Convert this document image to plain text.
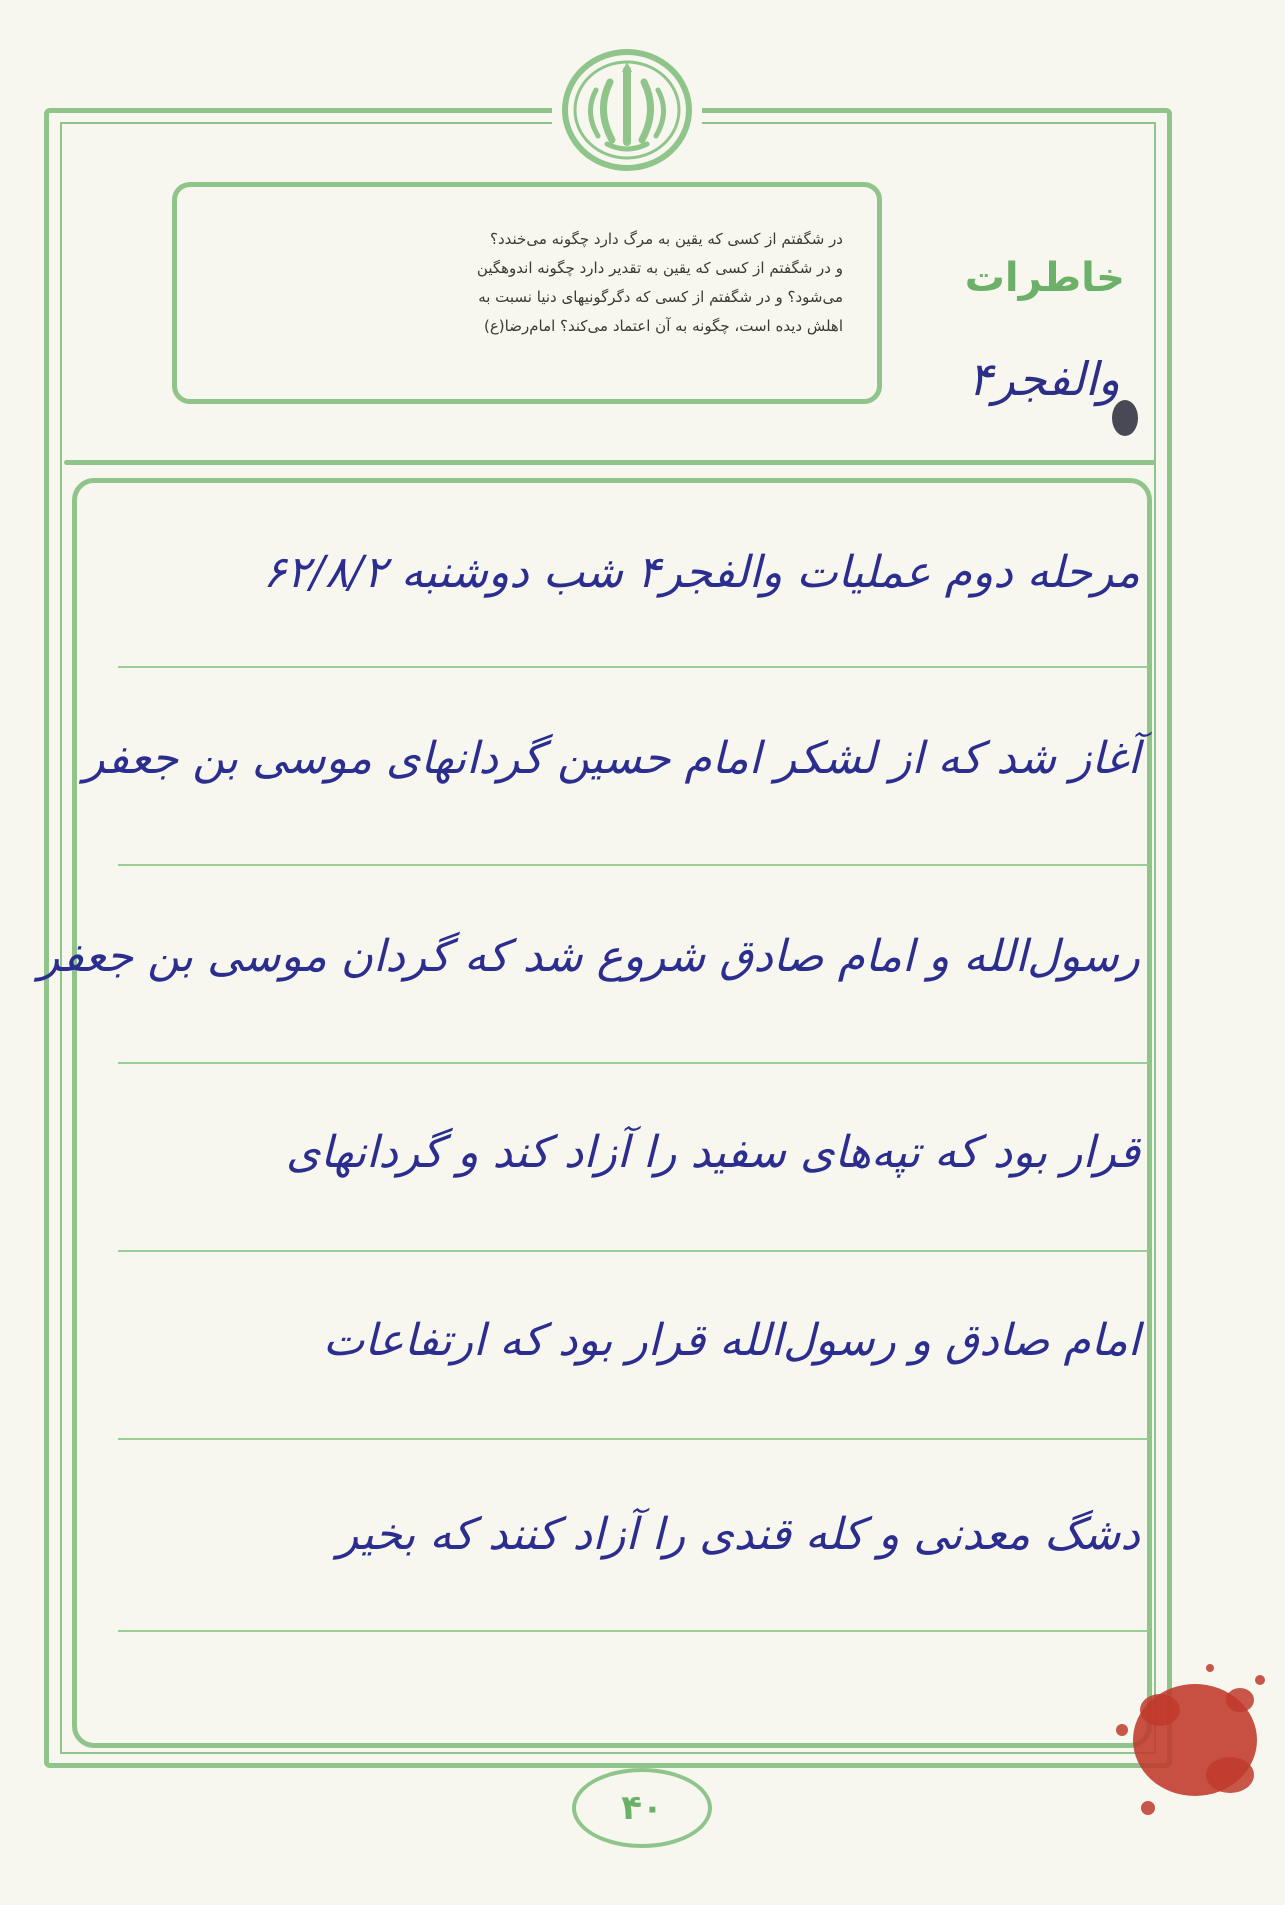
در شگفتم از کسی که یقین به مرگ دارد چگونه می‌خندد؟
و در شگفتم از کسی که یقین به تقدیر دارد چگونه اندوهگین
می‌شود؟ و در شگفتم از کسی که دگرگونیهای دنیا نسبت به
اهلش دیده است، چگونه به آن اعتماد می‌کند؟ امام‌رضا(ع)
خاطرات
والفجر۴
مرحله دوم عملیات والفجر۴ شب دوشنبه ۶۲/۸/۲
آغاز شد که از لشکر امام حسین گردانهای موسی بن جعفر
رسول‌الله و امام صادق شروع شد که گردان موسی بن جعفر
قرار بود که تپه‌های سفید را آزاد کند و گردانهای
امام صادق و رسول‌الله قرار بود که ارتفاعات
دشگ معدنی و کله قندی را آزاد کنند که بخیر
۴۰
